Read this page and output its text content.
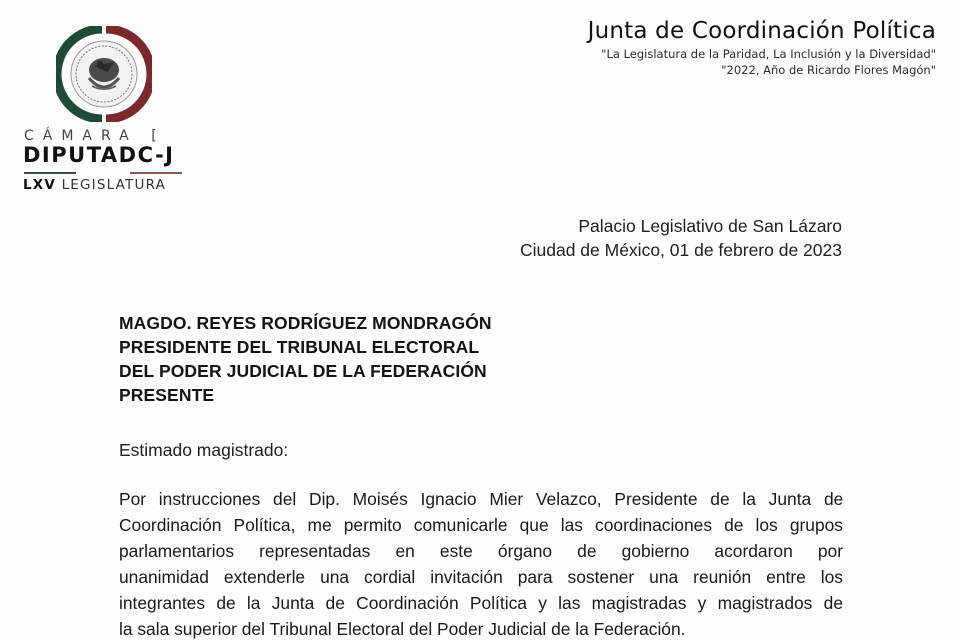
CÁMARA [
DIPUTADC-J
LXV LEGISLATURA
Junta de Coordinación Política
"La Legislatura de la Paridad, La Inclusión y la Diversidad"
"2022, Año de Ricardo Flores Magón"
Palacio Legislativo de San Lázaro
Ciudad de México, 01 de febrero de 2023
MAGDO. REYES RODRÍGUEZ MONDRAGÓN
PRESIDENTE DEL TRIBUNAL ELECTORAL
DEL PODER JUDICIAL DE LA FEDERACIÓN
PRESENTE
Estimado magistrado:
Por instrucciones del Dip. Moisés Ignacio Mier Velazco, Presidente de la Junta de
Coordinación Política, me permito comunicarle que las coordinaciones de los grupos
parlamentarios representadas en este órgano de gobierno acordaron por
unanimidad extenderle una cordial invitación para sostener una reunión entre los
integrantes de la Junta de Coordinación Política y las magistradas y magistrados de
la sala superior del Tribunal Electoral del Poder Judicial de la Federación.
